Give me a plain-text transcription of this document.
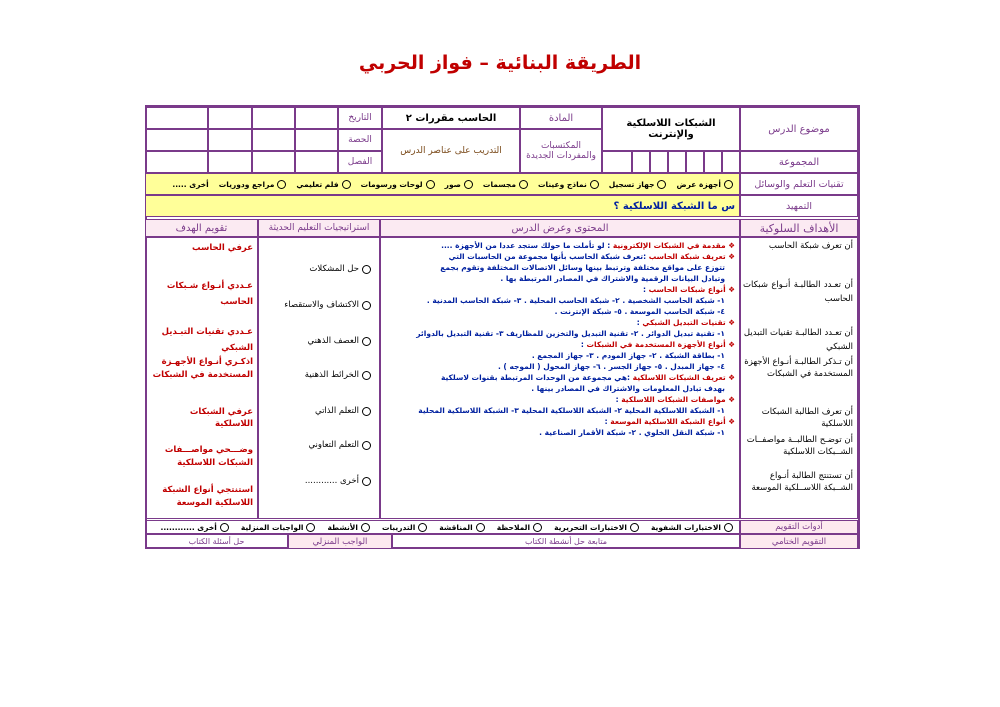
الطريقة البنائية – فواز الحربي
موضوع الدرس
المجموعة
الشبكات اللاسلكية والإنترنت
المادة
المكتسبات والمفردات الجديدة
الحاسب مقررات ٢
التدريب على عناصر الدرس
التاريخ
الحصة
الفصل
تقنيات التعلم والوسائل
أجهزة عرض
جهاز تسجيل
نماذج وعينات
مجسمات
صور
لوحات ورسومات
فلم تعليمي
مراجع ودوريات
أخرى .....
التمهيد
س ما الشبكة اللاسلكية ؟
الأهداف السلوكية
المحتوى وعرض الدرس
استراتيجيات التعليم الحديثة
تقويم الهدف
أن تعرف شبكة الحاسب
أن تعـدد الطالبـة أنـواع شبكات الحاسب
أن تعـدد الطالبـة تقنيات التبديل الشبكي
أن تـذكر الطالبـة أنـواع الأجهزة المستخدمة في الشبكات
أن تعرف الطالبة الشبكات اللاسلكية
أن توضـح الطالبــة مواصفــات الشــبكات اللاسلكية
أن تستنتج الطالبة أنـواع الشــبكة اللاســلكية الموسعة
❖ مقدمة في الشبكات الإلكترونية : لو تأملت ما حولك ستجد عددا من الأجهزة ....
❖ تعريف شبكة الحاسب :تعرف شبكة الحاسب بأنها مجموعة من الحاسبات التي
تتوزع على مواقع مختلفة وترتبط بينها وسائل الاتصالات المختلفة وتقوم بجمع
وتبادل البيانات الرقمية والاشتراك في المصادر المرتبطة بها .
❖ أنواع شبكات الحاسب :
١- شبكة الحاسب الشخصية . ٢- شبكة الحاسب المحلية . ٣- شبكة الحاسب المدنية .
٤- شبكة الحاسب الموسعة . ٥- شبكة الإنترنت .
❖ تقنيات التبديل الشبكي :
١- تقنية تبديل الدوائر . ٢- تقنية التبديل والتخزين للمظاريف ٣- تقنية التبديل بالدوائر
❖ أنواع الأجهزة المستخدمة في الشبكات :
١- بطاقة الشبكة . ٢- جهاز المودم . ٣- جهاز المجمع .
٤- جهاز المبدل . ٥- جهاز الجسر . ٦- جهاز المحول ( الموجه ) .
❖ تعريف الشبكات اللاسلكية :هي مجموعة من الوحدات المرتبطة بقنوات لاسلكية
بهدف تبادل المعلومات والاشتراك في المصادر بينها .
❖ مواصفات الشبكات اللاسلكية :
١- الشبكة اللاسلكية المحلية ٢- الشبكة اللاسلكية المحلية ٣- الشبكة اللاسلكية المحلية
❖ أنواع الشبكة اللاسلكية الموسعة :
١- شبكة النقل الخلوي . ٢- شبكة الأقمار الصناعية .
حل المشكلات
الاكتشاف والاستقصاء
العصف الذهني
الخرائط الذهنية
التعلم الذاتي
التعلم التعاوني
أخرى ............
عرفي الحاسب
عـددي أنـواع شـبكات الحاسب
عـددي تقنيات التبـديل الشبكي
اذكـري أنـواع الأجهـزة المستخدمة في الشبكات
عرفي الشبكات اللاسلكية
وضـــحي مواصـــفات الشبكات اللاسلكية
استنتجي أنواع الشبكة اللاسلكية الموسعة
أدوات التقويم
الاختبارات الشفوية
الاختبارات التحريرية
الملاحظة
المناقشة
التدريبات
الأنشطة
الواجبات المنزلية
أخرى ............
التقويم الختامي
متابعة حل أنشطة الكتاب
الواجب المنزلي
حل أسئلة الكتاب
